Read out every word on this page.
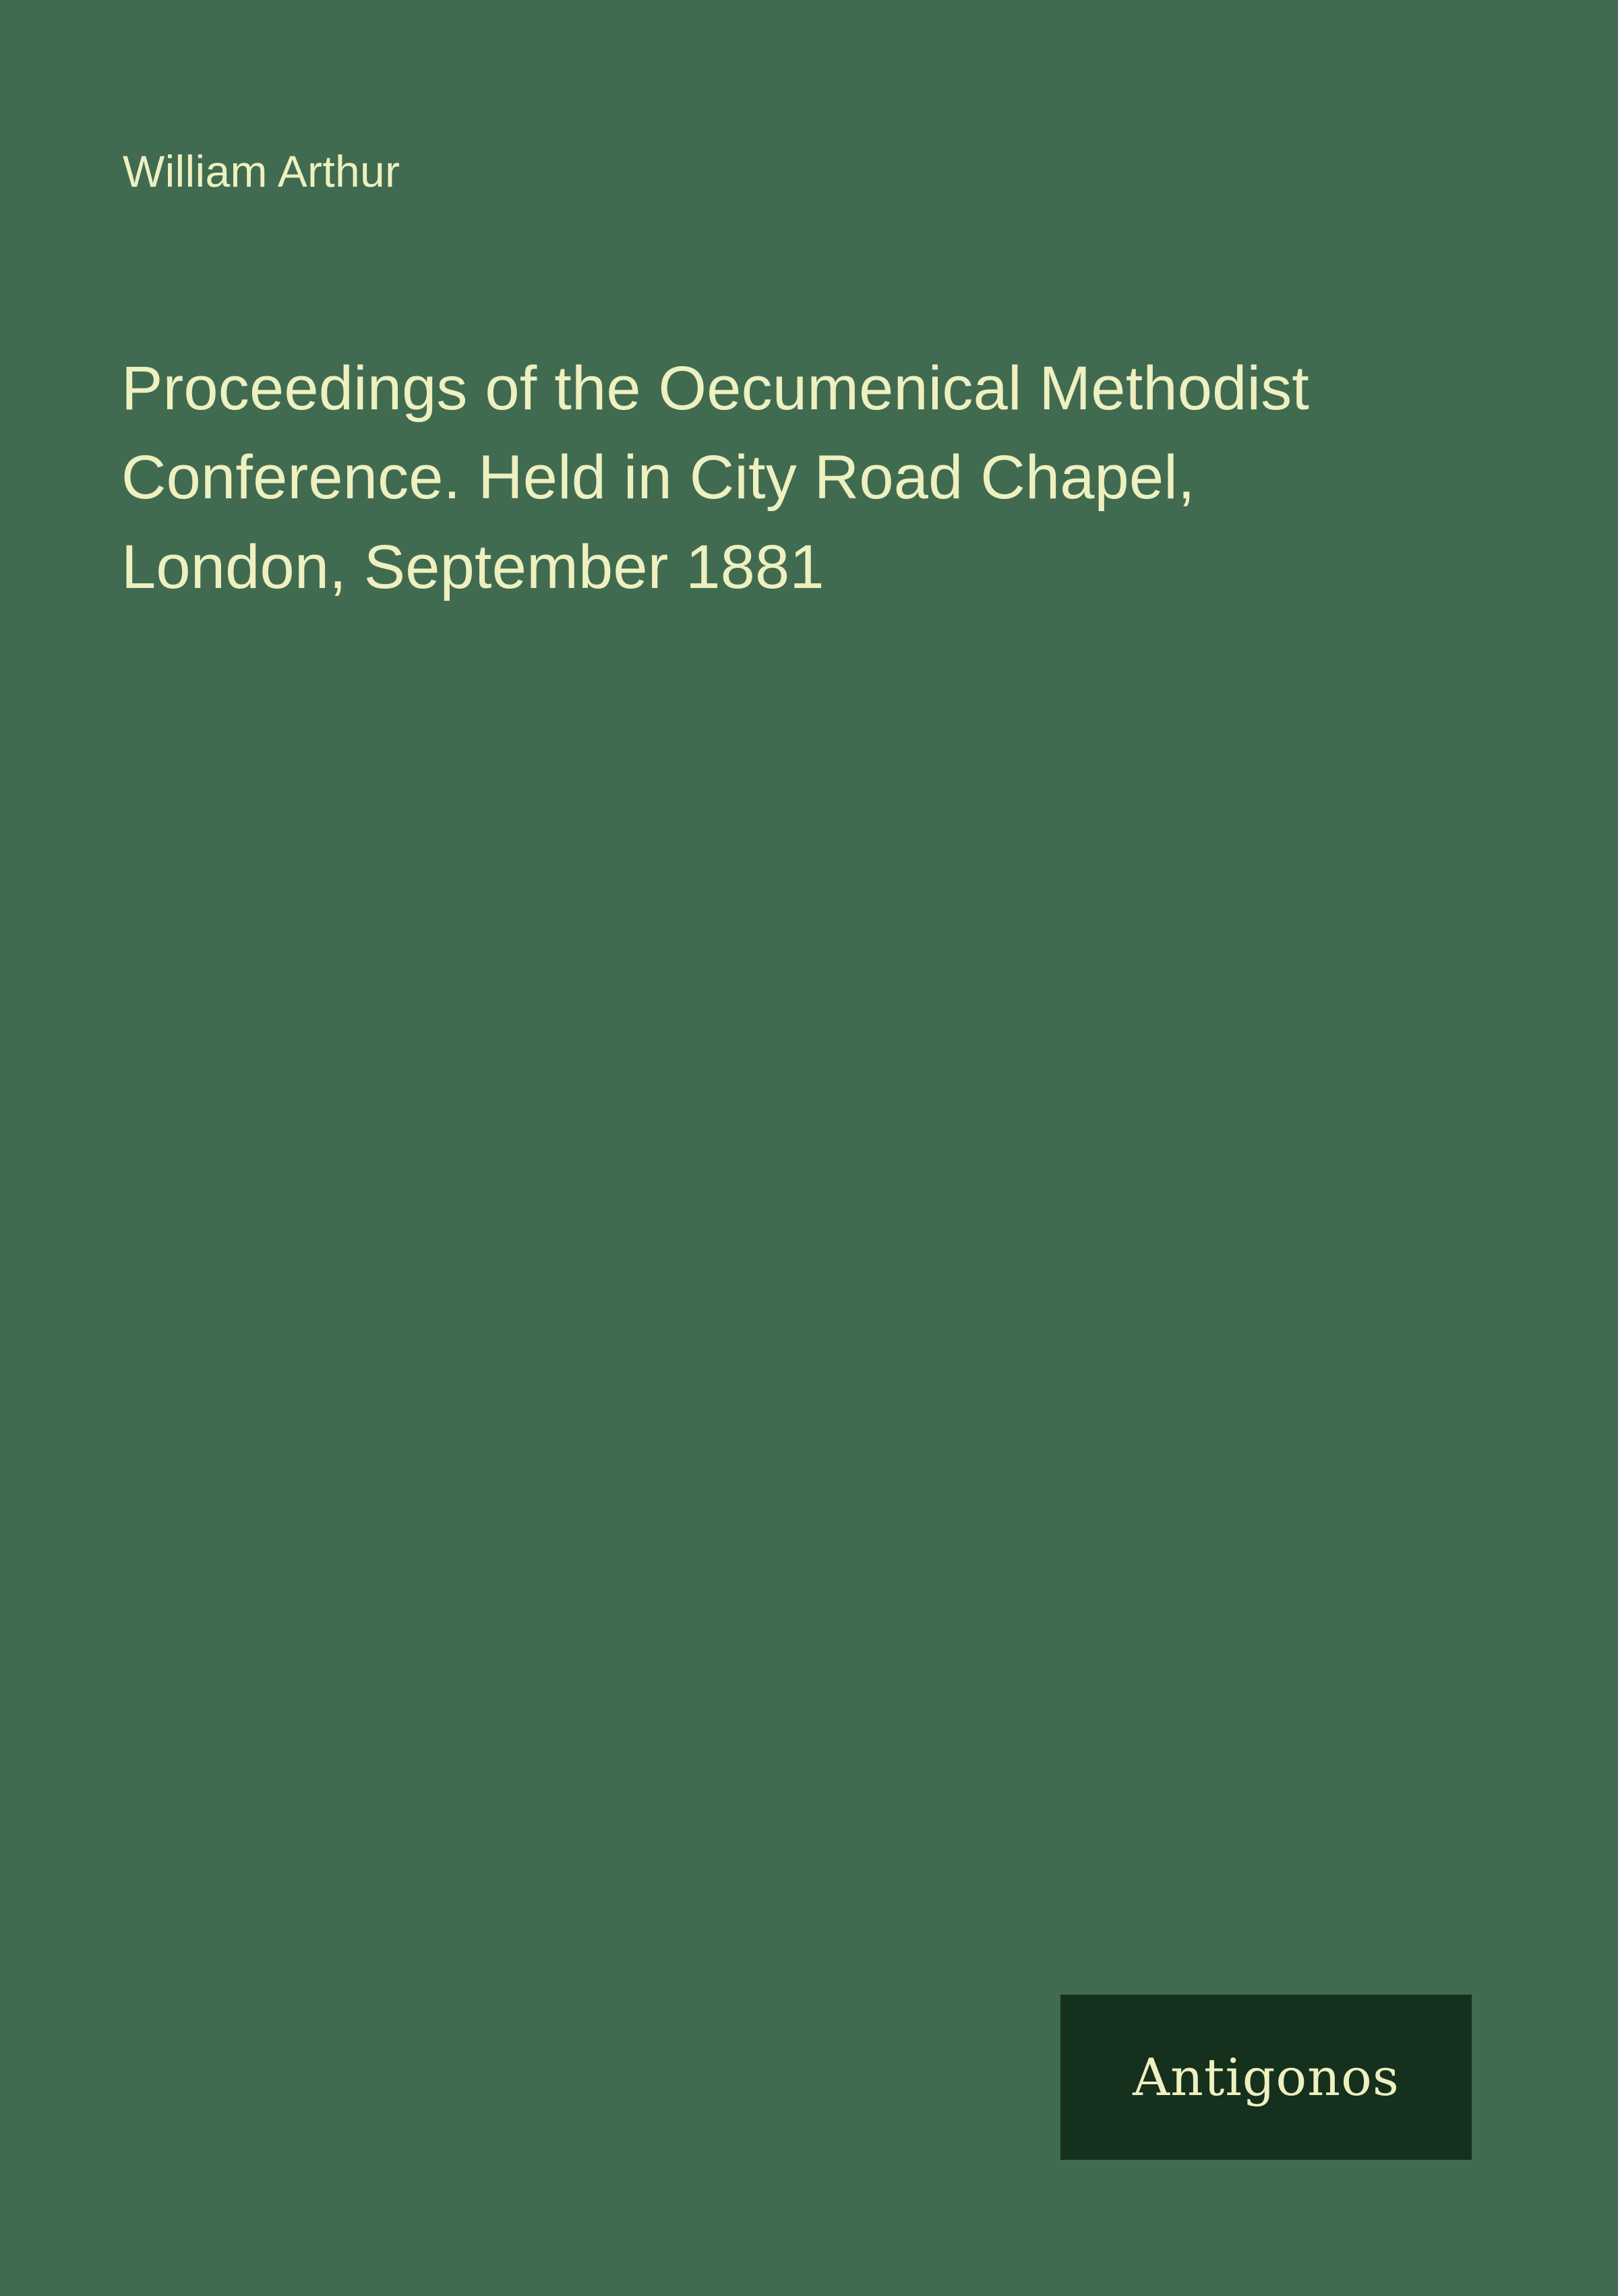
William Arthur
Proceedings of the Oecumenical Methodist Conference. Held in City Road Chapel, London, September 1881
Antigonos
